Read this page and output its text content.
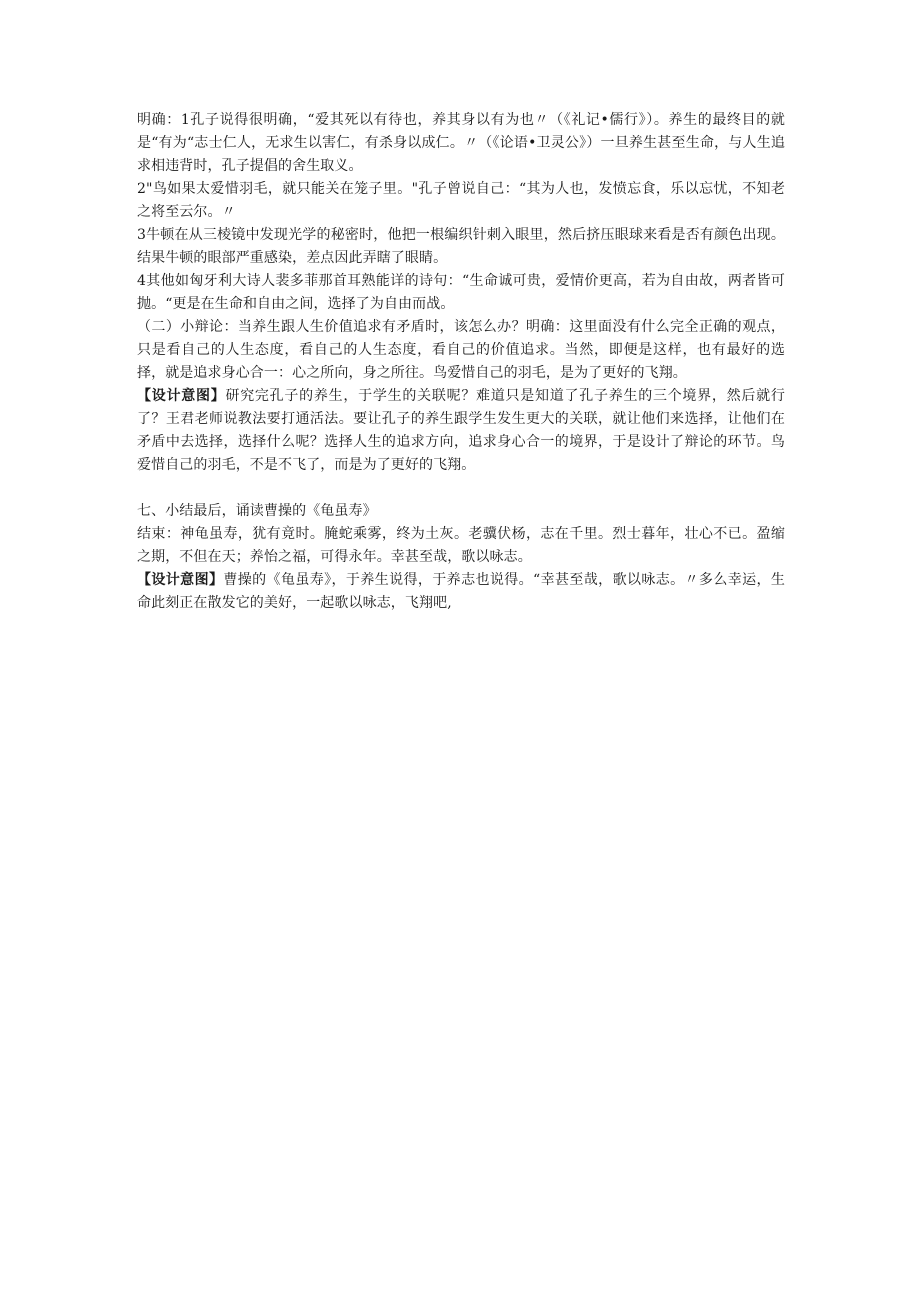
明确：1孔子说得很明确，“爱其死以有待也，养其身以有为也〃（《礼记•儒行》）。养生的最终目的就是“有为“志士仁人，无求生以害仁，有杀身以成仁。〃（《论语•卫灵公》）一旦养生甚至生命，与人生追求相违背时，孔子提倡的舍生取义。

2"鸟如果太爱惜羽毛，就只能关在笼子里。"孔子曾说自己：“其为人也，发愤忘食，乐以忘忧，不知老之将至云尔。〃

3牛顿在从三棱镜中发现光学的秘密时，他把一根编织针刺入眼里，然后挤压眼球来看是否有颜色出现。结果牛顿的眼部严重感染，差点因此弄瞎了眼睛。

4其他如匈牙利大诗人裴多菲那首耳熟能详的诗句：“生命诚可贵，爱情价更高，若为自由故，两者皆可抛。“更是在生命和自由之间，选择了为自由而战。

（二）小辩论：当养生跟人生价值追求有矛盾时，该怎么办？明确：这里面没有什么完全正确的观点，只是看自己的人生态度，看自己的人生态度，看自己的价值追求。当然，即便是这样，也有最好的选择，就是追求身心合一：心之所向，身之所往。鸟爱惜自己的羽毛，是为了更好的飞翔。

【设计意图】研究完孔子的养生，于学生的关联呢？难道只是知道了孔子养生的三个境界，然后就行了？王君老师说教法要打通活法。要让孔子的养生跟学生发生更大的关联，就让他们来选择，让他们在矛盾中去选择，选择什么呢？选择人生的追求方向，追求身心合一的境界，于是设计了辩论的环节。鸟爱惜自己的羽毛，不是不飞了，而是为了更好的飞翔。

七、小结最后，诵读曹操的《龟虽寿》

结束：神龟虽寿，犹有竟时。腌蛇乘雾，终为土灰。老骥伏杨，志在千里。烈士暮年，壮心不已。盈缩之期，不但在天；养怡之福，可得永年。幸甚至哉，歌以咏志。

【设计意图】曹操的《龟虽寿》，于养生说得，于养志也说得。“幸甚至哉，歌以咏志。〃多么幸运，生命此刻正在散发它的美好，一起歌以咏志，飞翔吧,
